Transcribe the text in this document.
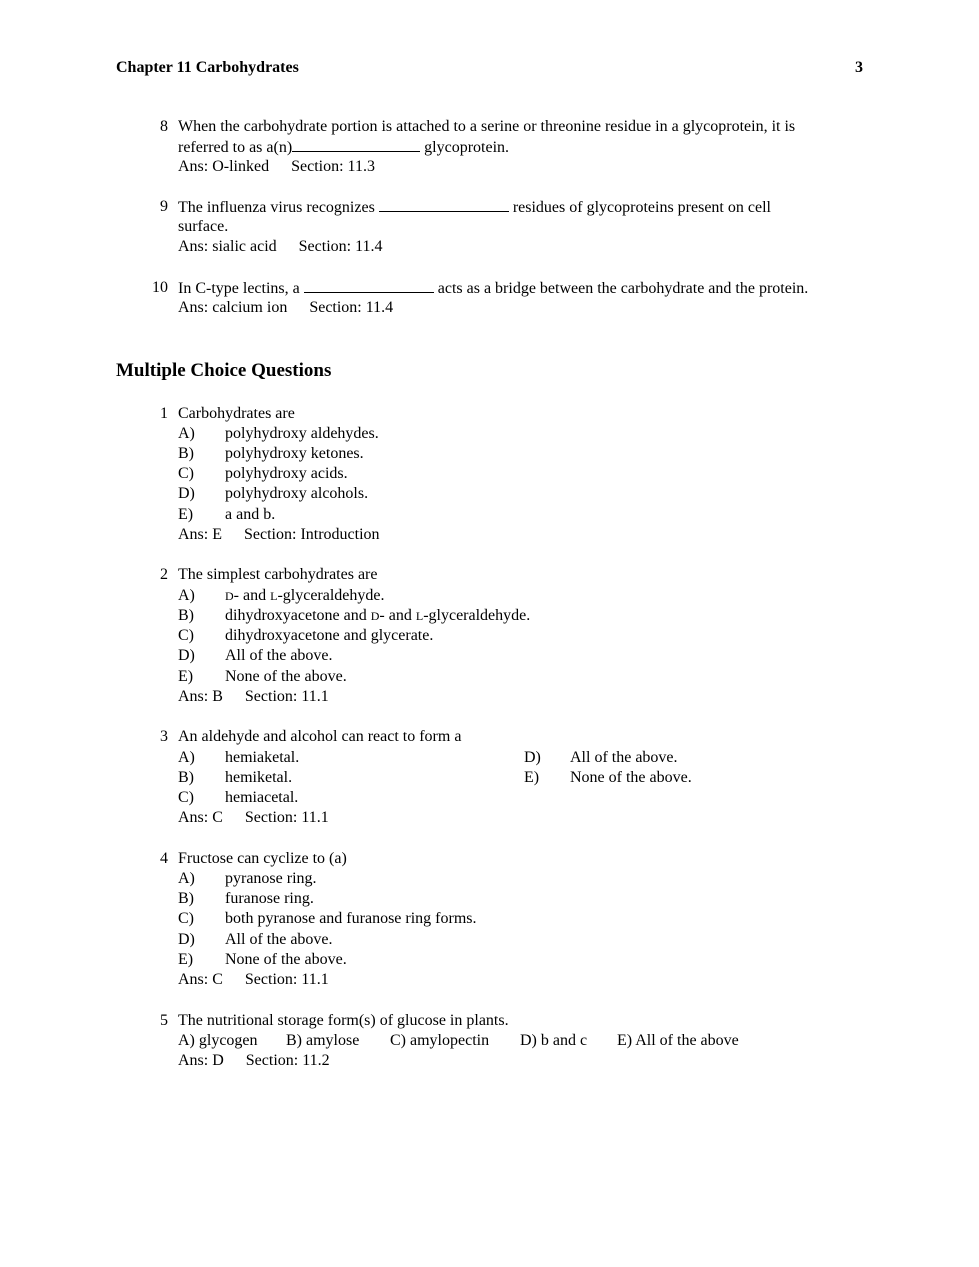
Chapter 11 Carbohydrates	3
8 When the carbohydrate portion is attached to a serine or threonine residue in a glycoprotein, it is
referred to as a(n)	glycoprotein.
Ans: O-linked Section: 11.3
9 The influenza virus recognizes	residues of glycoproteins present on cell
surface.
Ans: sialic acid Section: 11.4
10 In C-type lectins, a	acts as a bridge between the carbohydrate and the protein.
Ans: calcium ion Section: 11.4
Multiple Choice Questions
1 Carbohydrates are
A) polyhydroxy aldehydes.
B) polyhydroxy ketones.
C) polyhydroxy acids.
D) polyhydroxy alcohols.
E) a and b.
Ans: E Section: Introduction
2 The simplest carbohydrates are
A)	D- and L-glyceraldehyde.
B) dihydroxyacetone and D- and L-glyceraldehyde.
C) dihydroxyacetone and glycerate.
D) All of the above.
E) None of the above.
Ans: B Section: 11.1
3 An aldehyde and alcohol can react to form a
A) hemiaketal.
B) hemiketal.
C) hemiacetal.
D) All of the above.
E) None of the above.
Ans: C Section: 11.1
4 Fructose can cyclize to (a)
A) pyranose ring.
B) furanose ring.
C) both pyranose and furanose ring forms.
D) All of the above.
E) None of the above.
Ans: C Section: 11.1
5 The nutritional storage form(s) of glucose in plants.
A) glycogen B) amylose C) amylopectin D) b and c E) All of the above
Ans: D Section: 11.2
